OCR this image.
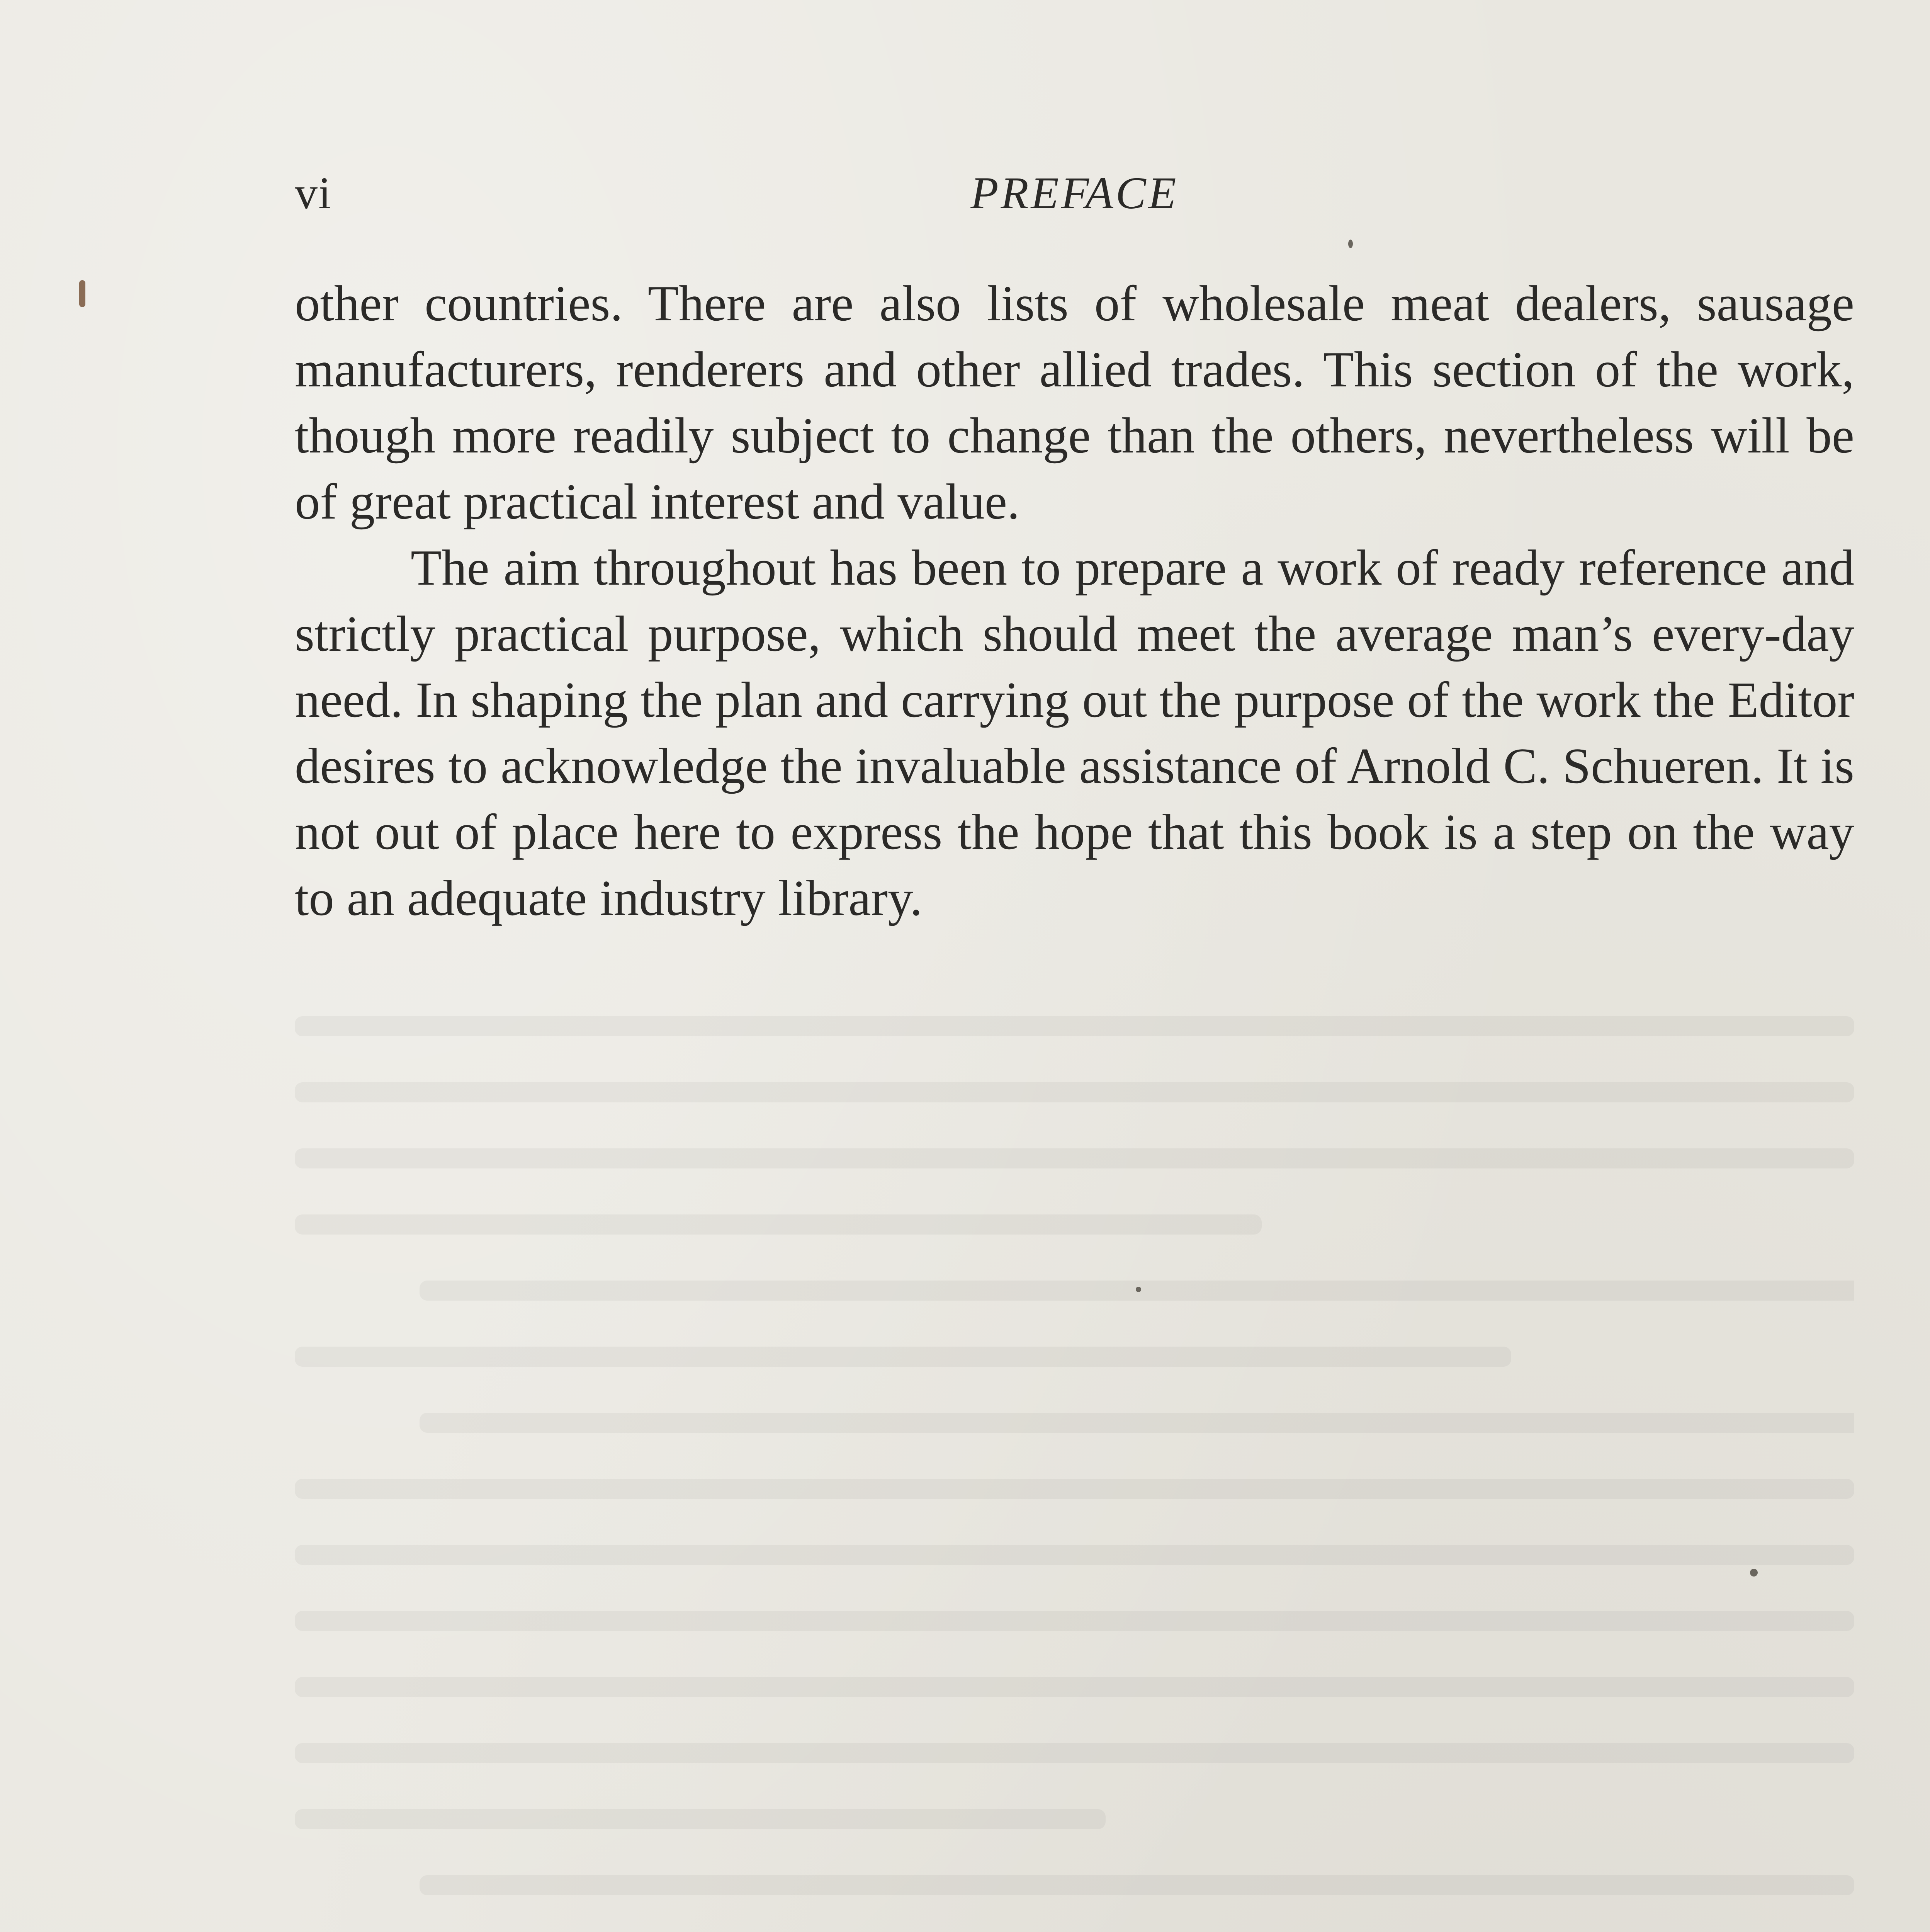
vi	PREFACE

other countries. There are also lists of wholesale meat dealers, sausage manufacturers, renderers and other allied trades. This section of the work, though more readily subject to change than the others, nevertheless will be of great practical interest and value.

The aim throughout has been to prepare a work of ready reference and strictly practical purpose, which should meet the average man’s every-day need. In shaping the plan and carrying out the purpose of the work the Editor desires to acknowledge the invaluable assistance of Arnold C. Schueren. It is not out of place here to express the hope that this book is a step on the way to an adequate industry library.
